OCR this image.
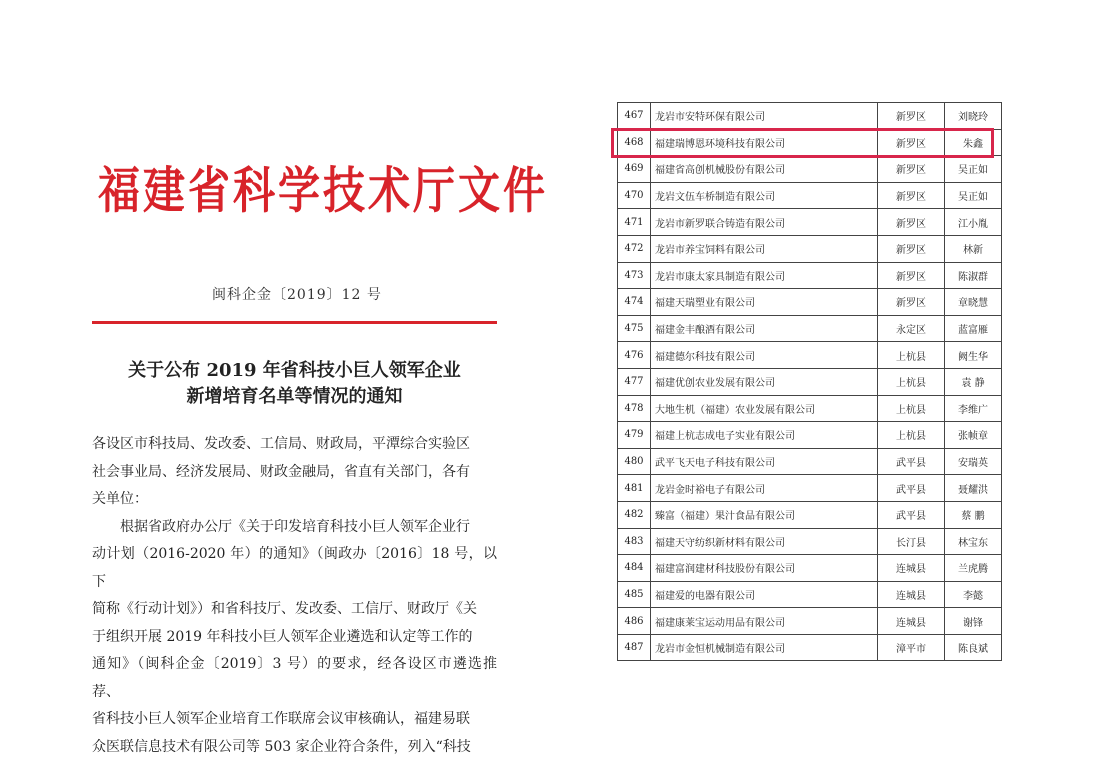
福建省科学技术厅文件
闽科企金〔2019〕12 号
关于公布 2019 年省科技小巨人领军企业
新增培育名单等情况的通知

各设区市科技局、发改委、工信局、财政局，平潭综合实验区

社会事业局、经济发展局、财政金融局，省直有关部门，各有

关单位：

根据省政府办公厅《关于印发培育科技小巨人领军企业行

动计划（2016-2020 年）的通知》（闽政办〔2016〕18 号，以下

简称《行动计划》）和省科技厅、发改委、工信厅、财政厅《关

于组织开展 2019 年科技小巨人领军企业遴选和认定等工作的

通知》（闽科企金〔2019〕3 号）的要求，经各设区市遴选推荐、

省科技小巨人领军企业培育工作联席会议审核确认，福建易联

众医联信息技术有限公司等 503 家企业符合条件，列入“科技

467	龙岩市安特环保有限公司	新罗区	刘晓玲
468	福建瑞博恩环境科技有限公司	新罗区	朱鑫
469	福建省高创机械股份有限公司	新罗区	吴正如
470	龙岩文伍车桥制造有限公司	新罗区	吴正如
471	龙岩市新罗联合铸造有限公司	新罗区	江小胤
472	龙岩市养宝饲料有限公司	新罗区	林新
473	龙岩市康太家具制造有限公司	新罗区	陈淑群
474	福建天瑞塑业有限公司	新罗区	章晓慧
475	福建金丰酿酒有限公司	永定区	蓝富雁
476	福建德尔科技有限公司	上杭县	阙生华
477	福建优创农业发展有限公司	上杭县	袁 静
478	大地生机（福建）农业发展有限公司	上杭县	李维广
479	福建上杭志成电子实业有限公司	上杭县	张帧章
480	武平飞天电子科技有限公司	武平县	安瑞英
481	龙岩金时裕电子有限公司	武平县	聂耀洪
482	臻富（福建）果汁食品有限公司	武平县	蔡 鹏
483	福建天守纺织新材料有限公司	长汀县	林宝东
484	福建富润建材科技股份有限公司	连城县	兰虎腾
485	福建爱的电器有限公司	连城县	李懿
486	福建康莱宝运动用品有限公司	连城县	谢锋
487	龙岩市金恒机械制造有限公司	漳平市	陈良斌
